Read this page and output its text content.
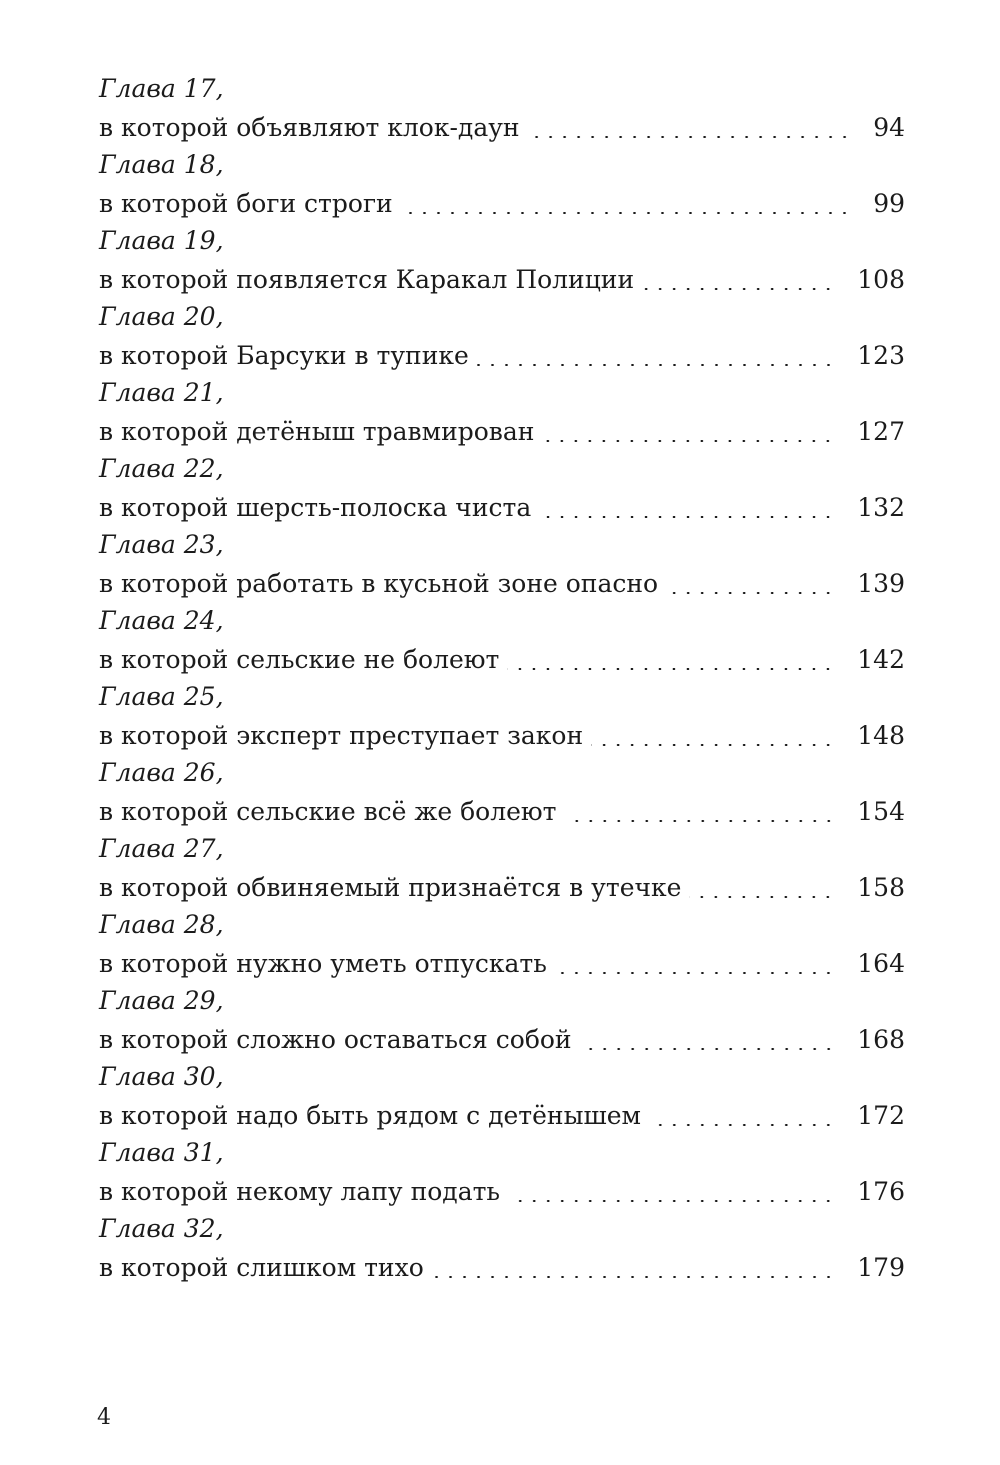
Глава 17,
в которой объявляют клок-даун	94
Глава 18,
в которой боги строги	99
Глава 19,
в которой появляется Каракал Полиции	108
Глава 20,
в которой Барсуки в тупике	123
Глава 21,
в которой детёныш травмирован	127
Глава 22,
в которой шерсть-полоска чиста	132
Глава 23,
в которой работать в кусьной зоне опасно	139
Глава 24,
в которой сельские не болеют	142
Глава 25,
в которой эксперт преступает закон	148
Глава 26,
в которой сельские всё же болеют	154
Глава 27,
в которой обвиняемый признаётся в утечке	158
Глава 28,
в которой нужно уметь отпускать	164
Глава 29,
в которой сложно оставаться собой	168
Глава 30,
в которой надо быть рядом с детёнышем	172
Глава 31,
в которой некому лапу подать	176
Глава 32,
в которой слишком тихо	179
4
